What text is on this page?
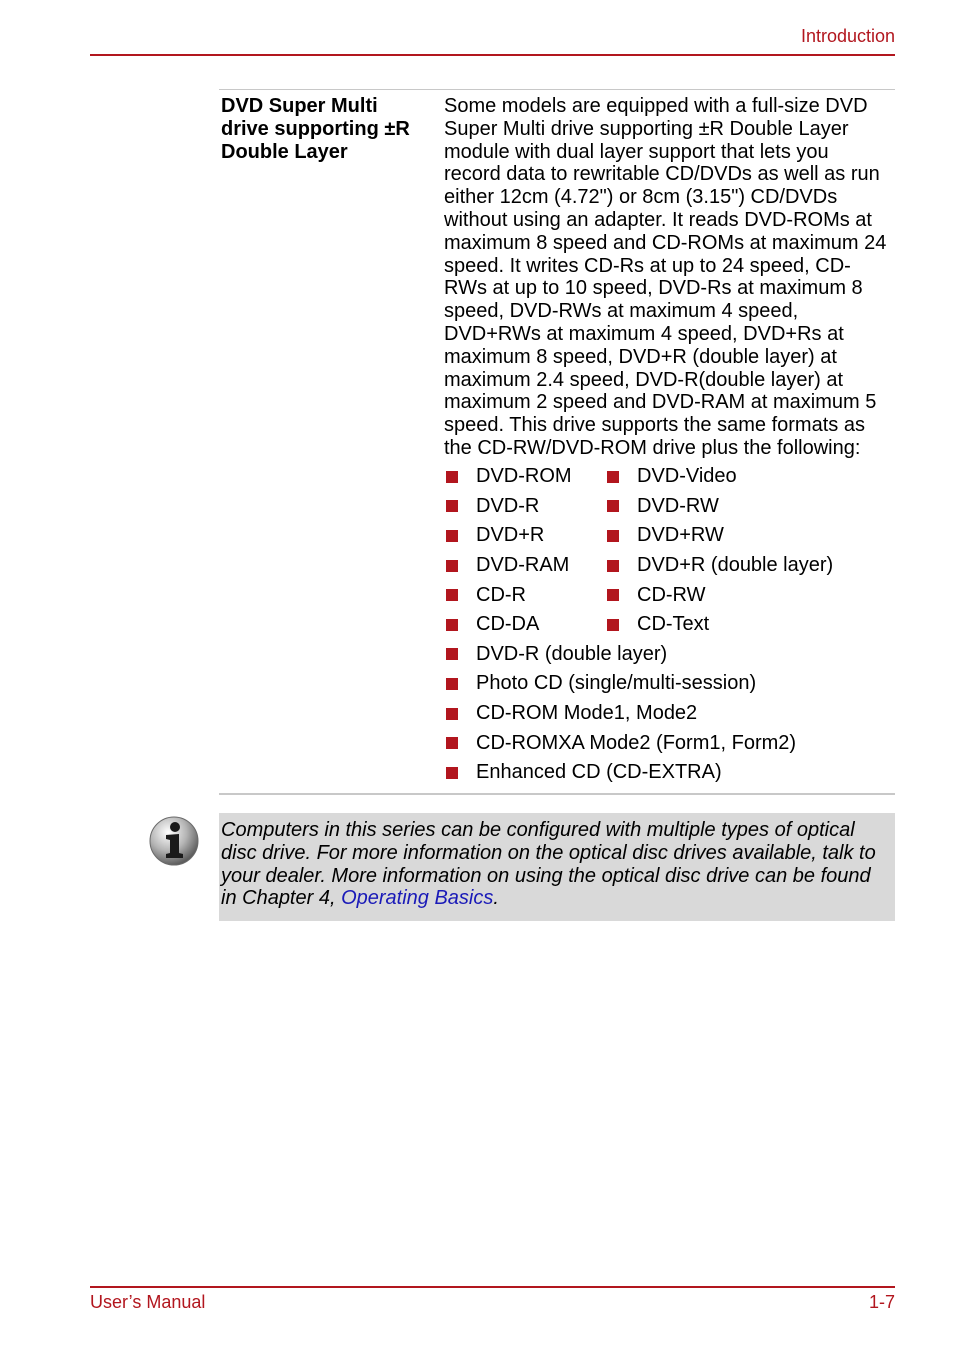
Introduction
DVD Super Multi drive supporting ±R Double Layer
Some models are equipped with a full-size DVD Super Multi drive supporting ±R Double Layer module with dual layer support that lets you record data to rewritable CD/DVDs as well as run either 12cm (4.72") or 8cm (3.15") CD/DVDs without using an adapter. It reads DVD-ROMs at maximum 8 speed and CD-ROMs at maximum 24 speed. It writes CD-Rs at up to 24 speed, CD-RWs at up to 10 speed, DVD-Rs at maximum 8 speed, DVD-RWs at maximum 4 speed, DVD+RWs at maximum 4 speed, DVD+Rs at maximum 8 speed, DVD+R (double layer) at maximum 2.4 speed, DVD-R(double layer) at maximum 2 speed and DVD-RAM at maximum 5 speed. This drive supports the same formats as the CD-RW/DVD-ROM drive plus the following:
DVD-ROM	DVD-Video
DVD-R	DVD-RW
DVD+R	DVD+RW
DVD-RAM	DVD+R (double layer)
CD-R	CD-RW
CD-DA	CD-Text
DVD-R (double layer)
Photo CD (single/multi-session)
CD-ROM Mode1, Mode2
CD-ROMXA Mode2 (Form1, Form2)
Enhanced CD (CD-EXTRA)
Computers in this series can be configured with multiple types of optical disc drive. For more information on the optical disc drives available, talk to your dealer. More information on using the optical disc drive can be found in Chapter 4, Operating Basics.
User’s Manual	1-7
